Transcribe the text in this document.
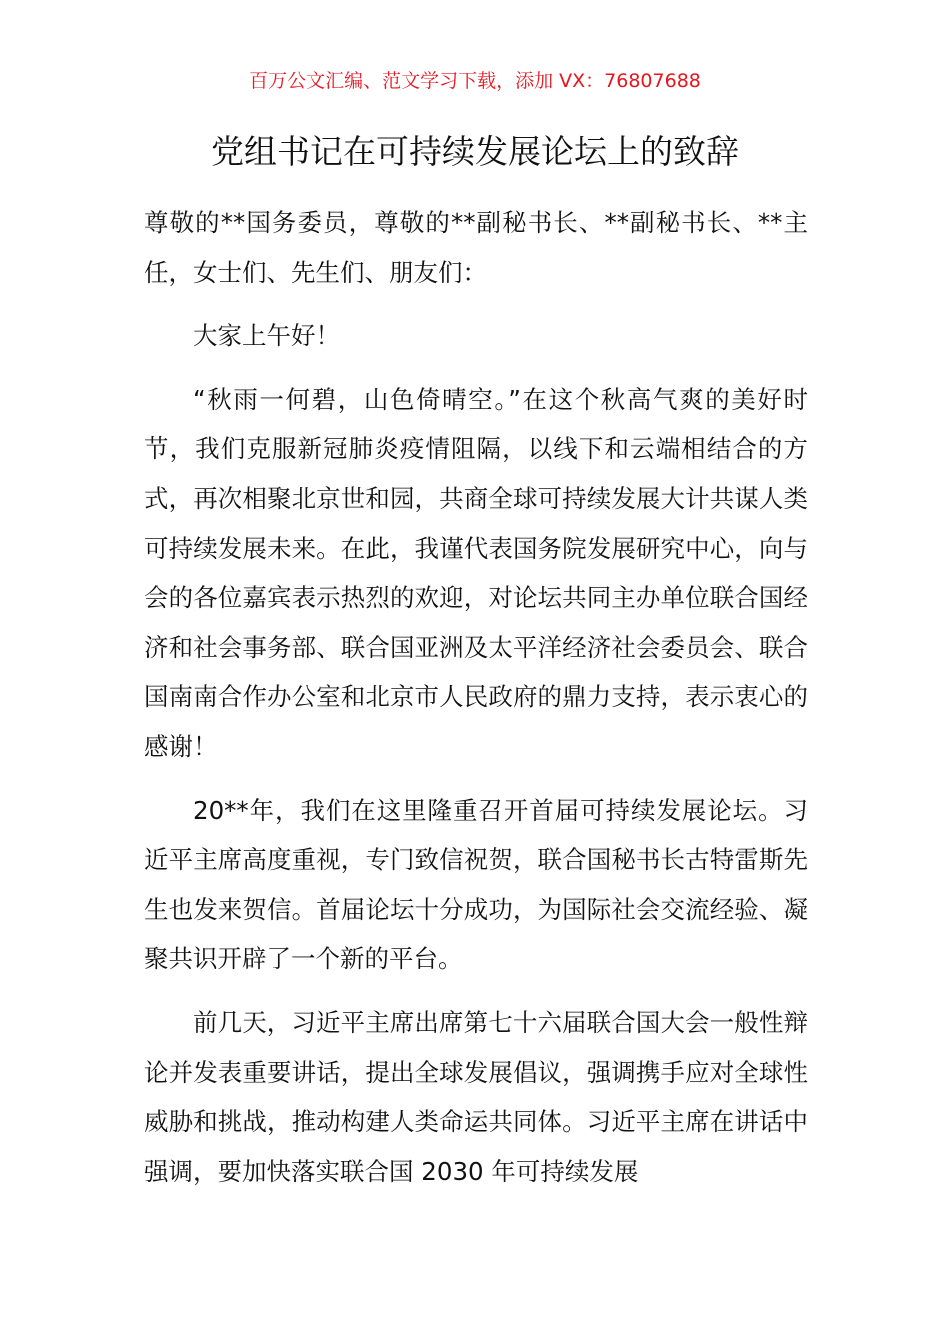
百万公文汇编、范文学习下载，添加 VX：76807688
党组书记在可持续发展论坛上的致辞

尊敬的**国务委员，尊敬的**副秘书长、**副秘书长、**主任，女士们、先生们、朋友们：

大家上午好！

“秋雨一何碧，山色倚晴空。”在这个秋高气爽的美好时节，我们克服新冠肺炎疫情阻隔，以线下和云端相结合的方式，再次相聚北京世和园，共商全球可持续发展大计共谋人类可持续发展未来。在此，我谨代表国务院发展研究中心，向与会的各位嘉宾表示热烈的欢迎，对论坛共同主办单位联合国经济和社会事务部、联合国亚洲及太平洋经济社会委员会、联合国南南合作办公室和北京市人民政府的鼎力支持，表示衷心的感谢！

20**年，我们在这里隆重召开首届可持续发展论坛。习近平主席高度重视，专门致信祝贺，联合国秘书长古特雷斯先生也发来贺信。首届论坛十分成功，为国际社会交流经验、凝聚共识开辟了一个新的平台。

前几天，习近平主席出席第七十六届联合国大会一般性辩论并发表重要讲话，提出全球发展倡议，强调携手应对全球性威胁和挑战，推动构建人类命运共同体。习近平主席在讲话中强调，要加快落实联合国 2030 年可持续发展
